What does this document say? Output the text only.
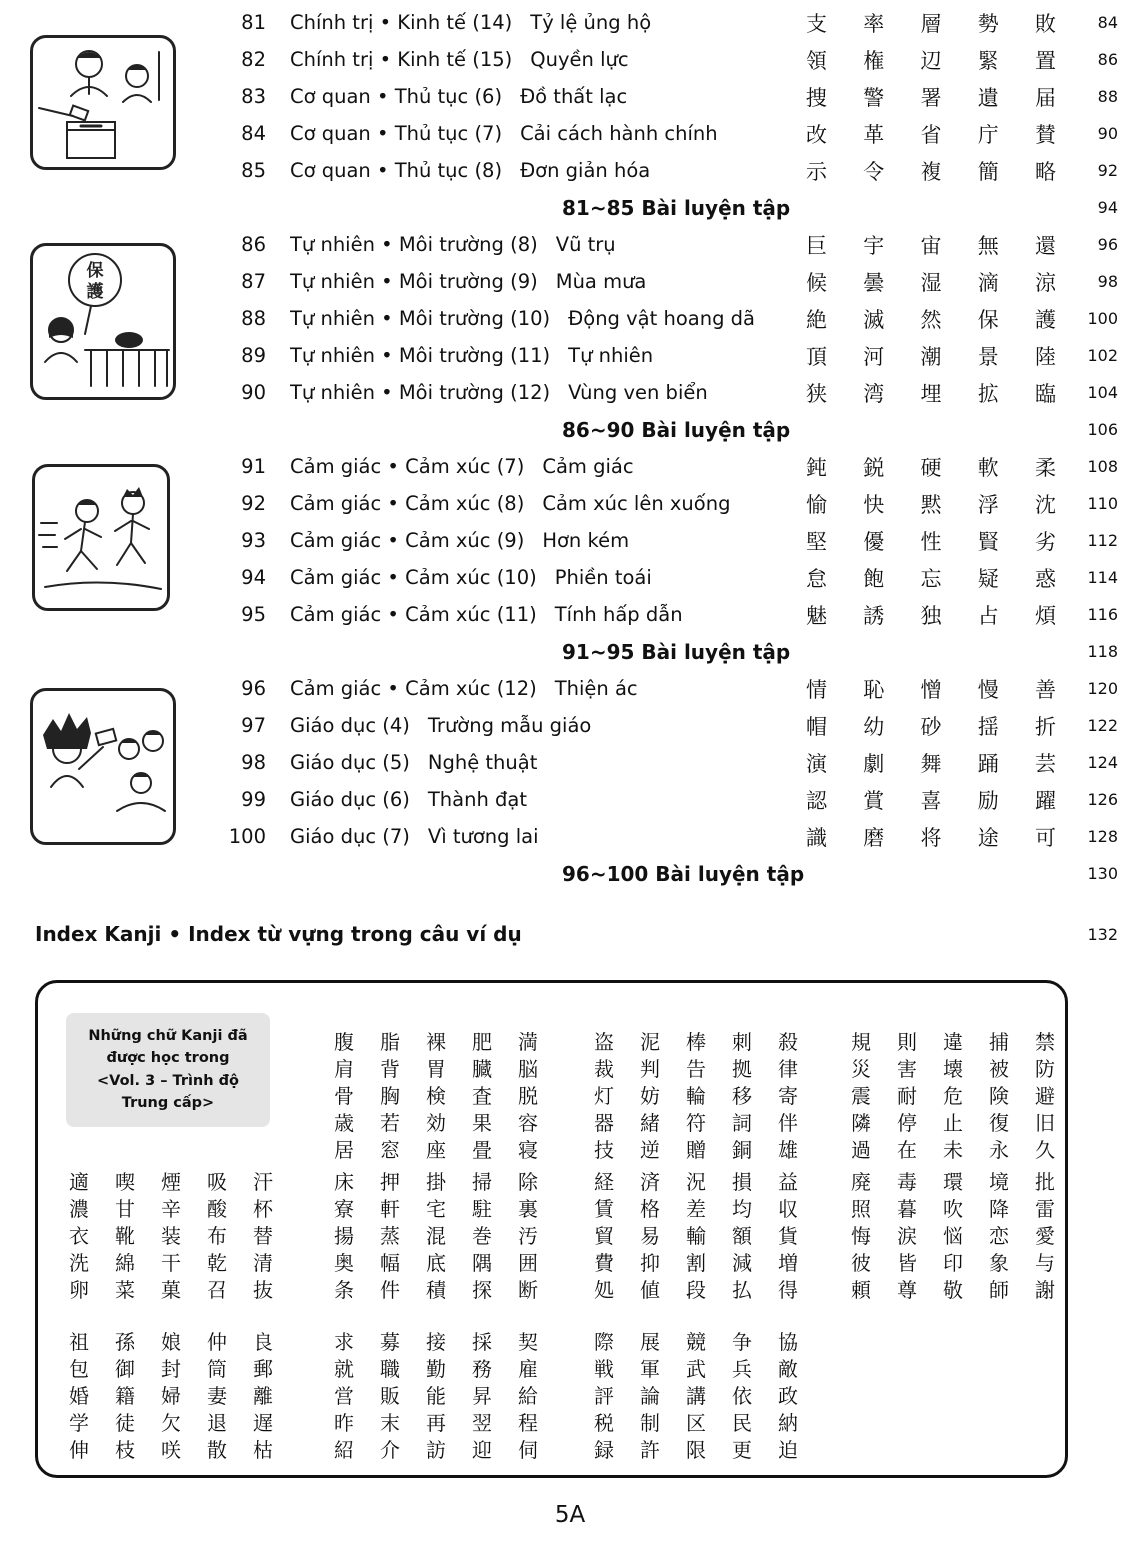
保
護
81 Chính trị • Kinh tế (14) Tỷ lệ ủng hộ	支 率 層 勢 敗	84
82 Chính trị • Kinh tế (15) Quyền lực	領 権 辺 緊 置	86
83 Cơ quan • Thủ tục (6) Đồ thất lạc	捜 警 署 遺 届	88
84 Cơ quan • Thủ tục (7) Cải cách hành chính	改 革 省 庁 賛	90
85 Cơ quan • Thủ tục (8) Đơn giản hóa	示 令 複 簡 略	92
81~85 Bài luyện tập	94
86 Tự nhiên • Môi trường (8) Vũ trụ	巨 宇 宙 無 還	96
87 Tự nhiên • Môi trường (9) Mùa mưa	候 曇 湿 滴 涼	98
88 Tự nhiên • Môi trường (10) Động vật hoang dã	絶 滅 然 保 護	100
89 Tự nhiên • Môi trường (11) Tự nhiên	頂 河 潮 景 陸	102
90 Tự nhiên • Môi trường (12) Vùng ven biển	狭 湾 埋 拡 臨	104
86~90 Bài luyện tập	106
91 Cảm giác • Cảm xúc (7) Cảm giác	鈍 鋭 硬 軟 柔	108
92 Cảm giác • Cảm xúc (8) Cảm xúc lên xuống	愉 快 黙 浮 沈	110
93 Cảm giác • Cảm xúc (9) Hơn kém	堅 優 性 賢 劣	112
94 Cảm giác • Cảm xúc (10) Phiền toái	怠 飽 忘 疑 惑	114
95 Cảm giác • Cảm xúc (11) Tính hấp dẫn	魅 誘 独 占 煩	116
91~95 Bài luyện tập	118
96 Cảm giác • Cảm xúc (12) Thiện ác	情 恥 憎 慢 善	120
97 Giáo dục (4) Trường mẫu giáo	帽 幼 砂 揺 折	122
98 Giáo dục (5) Nghệ thuật	演 劇 舞 踊 芸	124
99 Giáo dục (6) Thành đạt	認 賞 喜 励 躍	126
100 Giáo dục (7) Vì tương lai	識 磨 将 途 可	128
96~100 Bài luyện tập	130
Index Kanji • Index từ vựng trong câu ví dụ	132
Những chữ Kanji đã
được học trong
<Vol. 3 – Trình độ
Trung cấp>
腹	脂	裸	肥	満
肩	背	胃	臓	脳
骨	胸	検	査	脱
歳	若	効	果	容
居	窓	座	畳	寝
盗	泥	棒	刺	殺
裁	判	告	拠	律
灯	妨	輪	移	寄
器	緒	符	詞	伴
技	逆	贈	銅	雄
規	則	違	捕	禁
災	害	壊	被	防
震	耐	危	険	避
隣	停	止	復	旧
過	在	未	永	久
適	喫	煙	吸	汗
濃	甘	辛	酸	杯
衣	靴	装	布	替
洗	綿	干	乾	清
卵	菜	菓	召	抜
床	押	掛	掃	除
寮	軒	宅	駐	裏
揚	蒸	混	巻	汚
奥	幅	底	隅	囲
条	件	積	探	断
経	済	況	損	益
賃	格	差	均	収
貿	易	輸	額	貨
費	抑	割	減	増
処	値	段	払	得
廃	毒	環	境	批
照	暮	吹	降	雷
悔	涙	悩	恋	愛
彼	皆	印	象	与
頼	尊	敬	師	謝
祖	孫	娘	仲	良
包	御	封	筒	郵
婚	籍	婦	妻	離
学	徒	欠	退	遅
伸	枝	咲	散	枯
求	募	接	採	契
就	職	勤	務	雇
営	販	能	昇	給
昨	末	再	翌	程
紹	介	訪	迎	伺
際	展	競	争	協
戦	軍	武	兵	敵
評	論	講	依	政
税	制	区	民	納
録	許	限	更	迫
5A
